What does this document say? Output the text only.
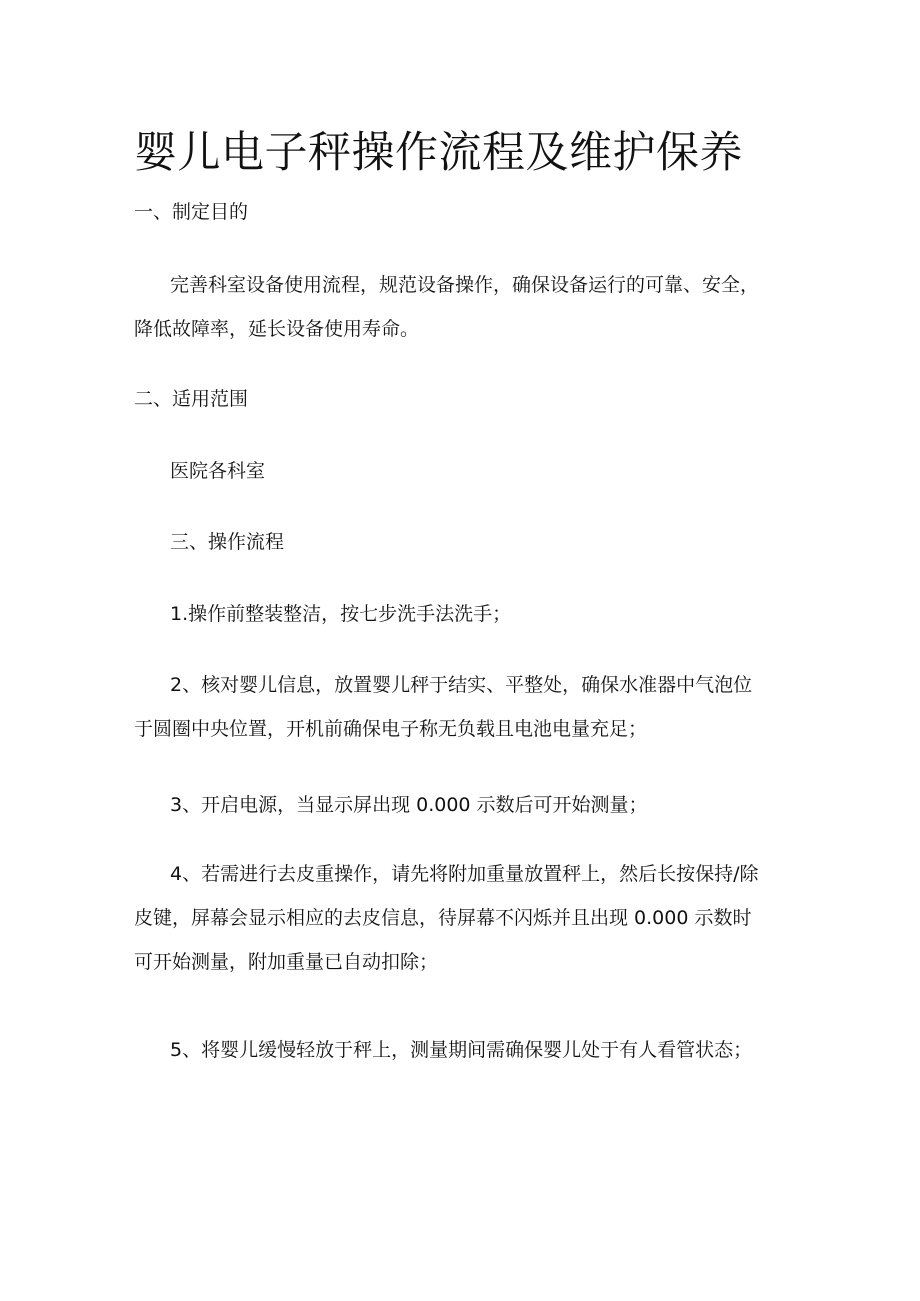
婴儿电子秤操作流程及维护保养
一、制定目的
完善科室设备使用流程，规范设备操作，确保设备运行的可靠、安全，
降低故障率，延长设备使用寿命。
二、适用范围
医院各科室
三、操作流程
1.操作前整装整洁，按七步洗手法洗手；
2、核对婴儿信息，放置婴儿秤于结实、平整处，确保水准器中气泡位
于圆圈中央位置，开机前确保电子称无负载且电池电量充足；
3、开启电源，当显示屏出现 0.000 示数后可开始测量；
4、若需进行去皮重操作，请先将附加重量放置秤上，然后长按保持/除
皮键，屏幕会显示相应的去皮信息，待屏幕不闪烁并且出现 0.000 示数时
可开始测量，附加重量已自动扣除；
5、将婴儿缓慢轻放于秤上，测量期间需确保婴儿处于有人看管状态；
